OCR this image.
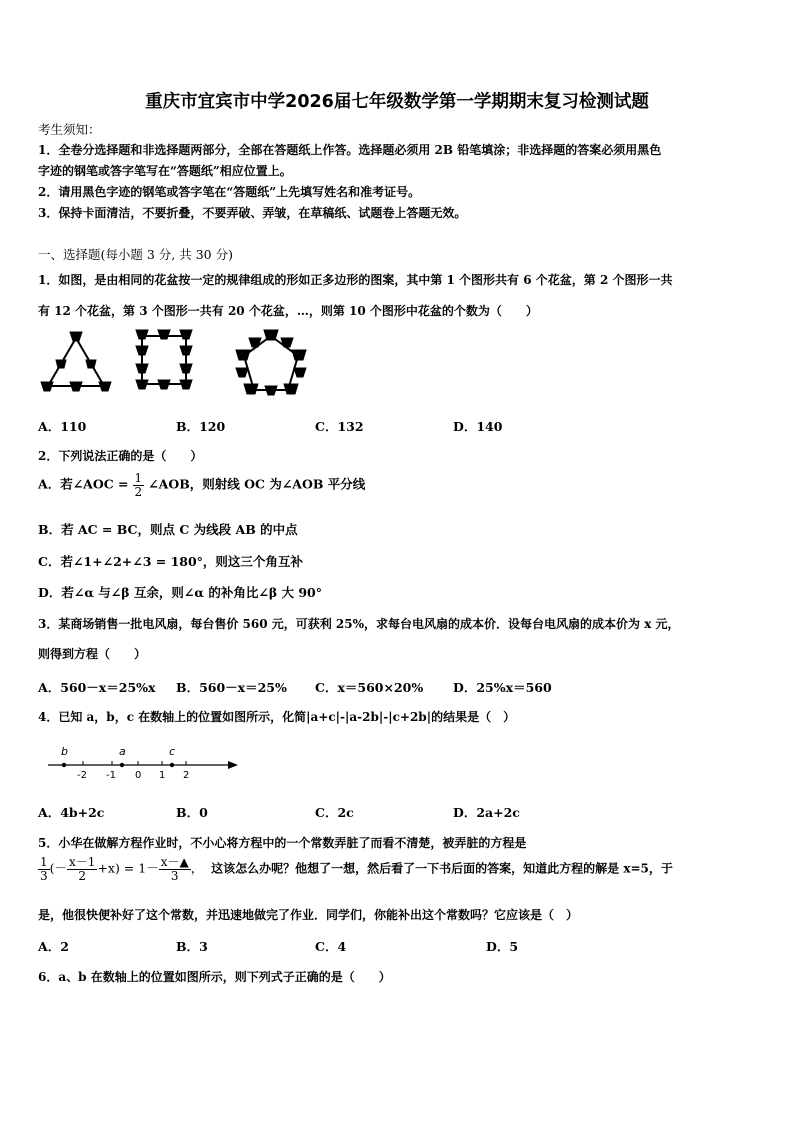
重庆市宜宾市中学2026届七年级数学第一学期期末复习检测试题
考生须知：
1．全卷分选择题和非选择题两部分，全部在答题纸上作答。选择题必须用 2B 铅笔填涂；非选择题的答案必须用黑色
字迹的钢笔或答字笔写在“答题纸”相应位置上。
2．请用黑色字迹的钢笔或答字笔在“答题纸”上先填写姓名和准考证号。
3．保持卡面清洁，不要折叠，不要弄破、弄皱，在草稿纸、试题卷上答题无效。
一、选择题(每小题 3 分, 共 30 分)
1．如图，是由相同的花盆按一定的规律组成的形如正多边形的图案，其中第 1 个图形共有 6 个花盆，第 2 个图形一共
有 12 个花盆，第 3 个图形一共有 20 个花盆，…，则第 10 个图形中花盆的个数为（　　）
A．110	B．120	C．132	D．140
2．下列说法正确的是（　　）
A．若∠AOC = $\frac{1}{2}$ ∠AOB，则射线 OC 为∠AOB 平分线
B．若 AC = BC，则点 C 为线段 AB 的中点
C．若∠1+∠2+∠3 = 180°，则这三个角互补
D．若∠α 与∠β 互余，则∠α 的补角比∠β 大 90°
3．某商场销售一批电风扇，每台售价 560 元，可获利 25%，求每台电风扇的成本价．设每台电风扇的成本价为 x 元，
则得到方程（　　）
A．560－x＝25%x B．560－x＝25% C．x＝560×20% D．25%x＝560
4．已知 a，b，c 在数轴上的位置如图所示，化简|a+c|-|a-2b|-|c+2b|的结果是（　）
b	a	c
-2 -1 0 1 2
A．4b+2c	B．0	C．2c	D．2a+2c
5．小华在做解方程作业时，不小心将方程中的一个常数弄脏了而看不清楚，被弄脏的方程是
$\frac{1}{3}$ (－ $\frac{x-1}{2} +x) = 1- \frac{x-▲}{3}$ ，  这该怎么办呢？他想了一想，然后看了一下书后面的答案，知道此方程的解是 x=5，于
是，他很快便补好了这个常数，并迅速地做完了作业．同学们，你能补出这个常数吗？它应该是（　）
A．2	B．3	C．4	D．5
6．a、b 在数轴上的位置如图所示，则下列式子正确的是（　　）
